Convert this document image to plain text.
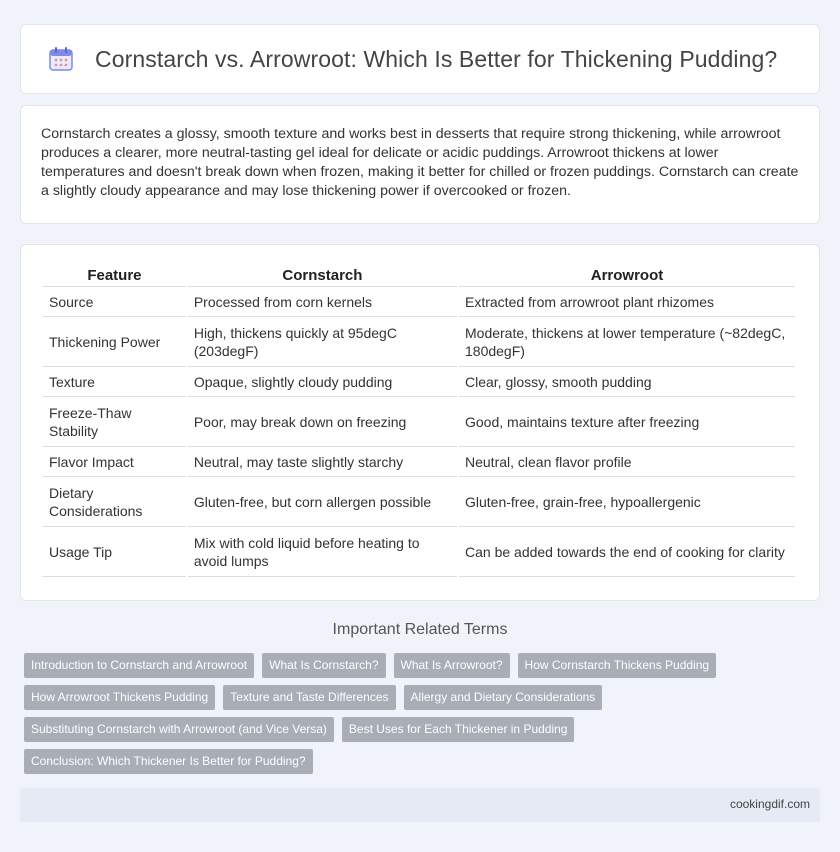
Cornstarch vs. Arrowroot: Which Is Better for Thickening Pudding?

Cornstarch creates a glossy, smooth texture and works best in desserts that require strong thickening, while arrowroot produces a clearer, more neutral-tasting gel ideal for delicate or acidic puddings. Arrowroot thickens at lower temperatures and doesn't break down when frozen, making it better for chilled or frozen puddings. Cornstarch can create a slightly cloudy appearance and may lose thickening power if overcooked or frozen.

Feature	Cornstarch	Arrowroot
Source	Processed from corn kernels	Extracted from arrowroot plant rhizomes
Thickening Power	High, thickens quickly at 95degC (203degF)	Moderate, thickens at lower temperature (~82degC, 180degF)
Texture	Opaque, slightly cloudy pudding	Clear, glossy, smooth pudding
Freeze-Thaw Stability	Poor, may break down on freezing	Good, maintains texture after freezing
Flavor Impact	Neutral, may taste slightly starchy	Neutral, clean flavor profile
Dietary Considerations	Gluten-free, but corn allergen possible	Gluten-free, grain-free, hypoallergenic
Usage Tip	Mix with cold liquid before heating to avoid lumps	Can be added towards the end of cooking for clarity
Important Related Terms
Introduction to Cornstarch and Arrowroot	What Is Cornstarch?	What Is Arrowroot?	How Cornstarch Thickens Pudding
How Arrowroot Thickens Pudding	Texture and Taste Differences	Allergy and Dietary Considerations
Substituting Cornstarch with Arrowroot (and Vice Versa)	Best Uses for Each Thickener in Pudding
Conclusion: Which Thickener Is Better for Pudding?
cookingdif.com
